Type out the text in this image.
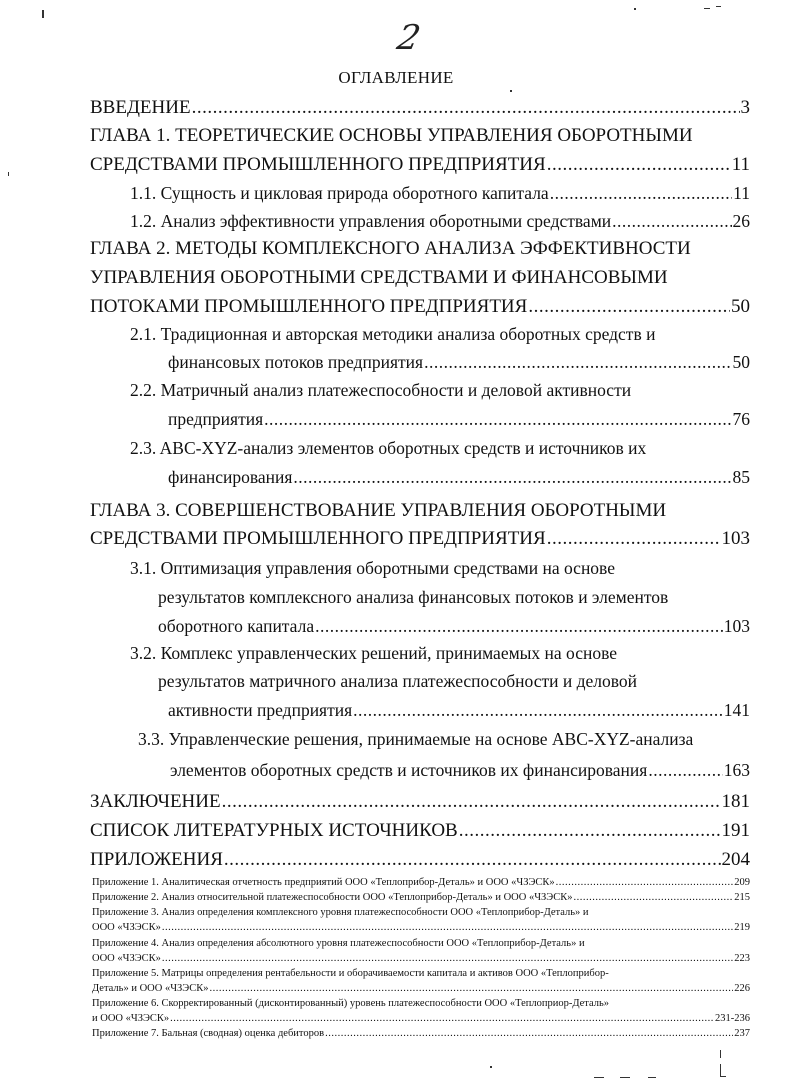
2
ОГЛАВЛЕНИЕ
ВВЕДЕНИЕ .....	3
ГЛАВА 1. ТЕОРЕТИЧЕСКИЕ ОСНОВЫ УПРАВЛЕНИЯ ОБОРОТНЫМИ
СРЕДСТВАМИ ПРОМЫШЛЕННОГО ПРЕДПРИЯТИЯ .....	11
1.1. Сущность и цикловая природа оборотного капитала .....	11
1.2. Анализ эффективности управления оборотными средствами .....	26
ГЛАВА 2. МЕТОДЫ КОМПЛЕКСНОГО АНАЛИЗА ЭФФЕКТИВНОСТИ
УПРАВЛЕНИЯ ОБОРОТНЫМИ СРЕДСТВАМИ И ФИНАНСОВЫМИ
ПОТОКАМИ ПРОМЫШЛЕННОГО ПРЕДПРИЯТИЯ .....	50
2.1. Традиционная и авторская методики анализа оборотных средств и
финансовых потоков предприятия .....	50
2.2. Матричный анализ платежеспособности и деловой активности
предприятия .....	76
2.3. ABC-XYZ-анализ элементов оборотных средств и источников их
финансирования .....	85
ГЛАВА 3. СОВЕРШЕНСТВОВАНИЕ УПРАВЛЕНИЯ ОБОРОТНЫМИ
СРЕДСТВАМИ ПРОМЫШЛЕННОГО ПРЕДПРИЯТИЯ .....	103
3.1. Оптимизация управления оборотными средствами на основе
результатов комплексного анализа финансовых потоков и элементов
оборотного капитала .....	103
3.2. Комплекс управленческих решений, принимаемых на основе
результатов матричного анализа платежеспособности и деловой
активности предприятия .....	141
3.3. Управленческие решения, принимаемые на основе ABC-XYZ-анализа
элементов оборотных средств и источников их финансирования .....	163
ЗАКЛЮЧЕНИЕ .....	181
СПИСОК ЛИТЕРАТУРНЫХ ИСТОЧНИКОВ .....	191
ПРИЛОЖЕНИЯ .....	204
Приложение 1. Аналитическая отчетность предприятий ООО «Теплоприбор-Деталь» и ООО «ЧЗЭСК» .....	209
Приложение 2. Анализ относительной платежеспособности ООО «Теплоприбор-Деталь» и ООО «ЧЗЭСК» .....	215
Приложение 3. Анализ определения комплексного уровня платежеспособности ООО «Теплоприбор-Деталь» и
ООО «ЧЗЭСК» .....	219
Приложение 4. Анализ определения абсолютного уровня платежеспособности ООО «Теплоприбор-Деталь» и
ООО «ЧЗЭСК» .....	223
Приложение 5. Матрицы определения рентабельности и оборачиваемости капитала и активов ООО «Теплоприбор-
Деталь» и ООО «ЧЗЭСК» .....	226
Приложение 6. Скорректированный (дисконтированный) уровень платежеспособности ООО «Теплоприор-Деталь»
и ООО «ЧЗЭСК» .....	231-236
Приложение 7. Бальная (сводная) оценка дебиторов .....	237
